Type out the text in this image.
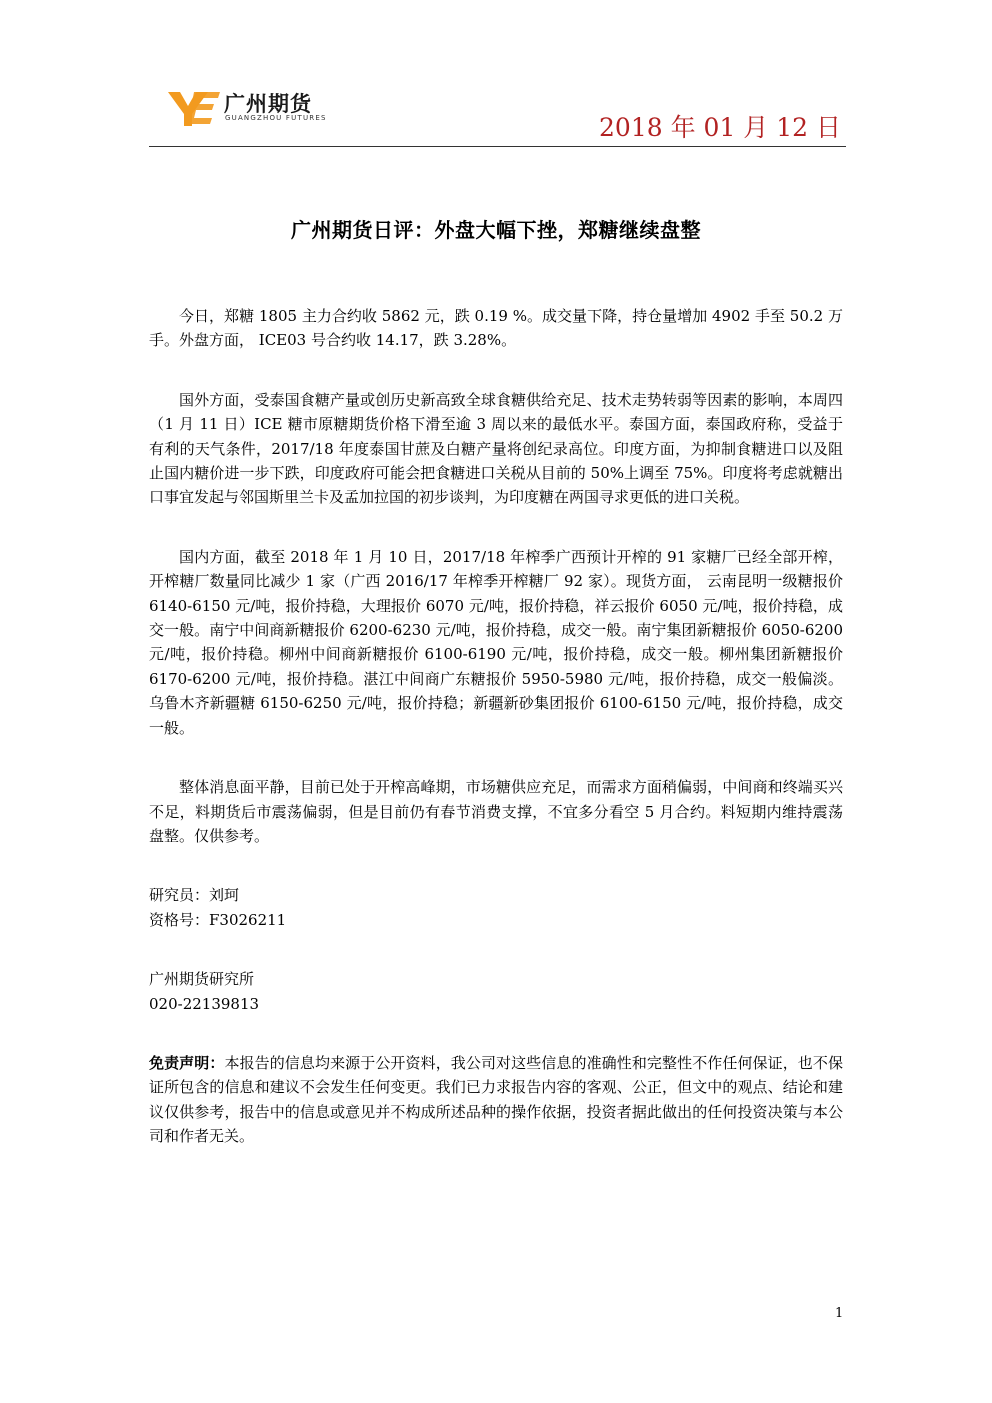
广州期货
GUANGZHOU FUTURES	2018 年 01 月 12 日
广州期货日评：外盘大幅下挫，郑糖继续盘整

今日，郑糖 1805 主力合约收 5862 元，跌 0.19 %。成交量下降，持仓量增加 4902 手至 50.2 万手。外盘方面， ICE03 号合约收 14.17，跌 3.28%。

国外方面，受泰国食糖产量或创历史新高致全球食糖供给充足、技术走势转弱等因素的影响，本周四（1 月 11 日）ICE 糖市原糖期货价格下滑至逾 3 周以来的最低水平。泰国方面，泰国政府称，受益于有利的天气条件，2017/18 年度泰国甘蔗及白糖产量将创纪录高位。印度方面，为抑制食糖进口以及阻止国内糖价进一步下跌，印度政府可能会把食糖进口关税从目前的 50%上调至 75%。印度将考虑就糖出口事宜发起与邻国斯里兰卡及孟加拉国的初步谈判，为印度糖在两国寻求更低的进口关税。

国内方面，截至 2018 年 1 月 10 日，2017/18 年榨季广西预计开榨的 91 家糖厂已经全部开榨，开榨糖厂数量同比减少 1 家（广西 2016/17 年榨季开榨糖厂 92 家）。现货方面， 云南昆明一级糖报价 6140-6150 元/吨，报价持稳，大理报价 6070 元/吨，报价持稳，祥云报价 6050 元/吨，报价持稳，成交一般。南宁中间商新糖报价 6200-6230 元/吨，报价持稳，成交一般。南宁集团新糖报价 6050-6200 元/吨，报价持稳。柳州中间商新糖报价 6100-6190 元/吨，报价持稳，成交一般。柳州集团新糖报价 6170-6200 元/吨，报价持稳。湛江中间商广东糖报价 5950-5980 元/吨，报价持稳，成交一般偏淡。乌鲁木齐新疆糖 6150-6250 元/吨，报价持稳；新疆新砂集团报价 6100-6150 元/吨，报价持稳，成交一般。

整体消息面平静，目前已处于开榨高峰期，市场糖供应充足，而需求方面稍偏弱，中间商和终端买兴不足，料期货后市震荡偏弱，但是目前仍有春节消费支撑，不宜多分看空 5 月合约。料短期内维持震荡盘整。仅供参考。

研究员：刘珂

资格号：F3026211

广州期货研究所

020-22139813

免责声明：本报告的信息均来源于公开资料，我公司对这些信息的准确性和完整性不作任何保证，也不保证所包含的信息和建议不会发生任何变更。我们已力求报告内容的客观、公正，但文中的观点、结论和建议仅供参考，报告中的信息或意见并不构成所述品种的操作依据，投资者据此做出的任何投资决策与本公司和作者无关。

1
